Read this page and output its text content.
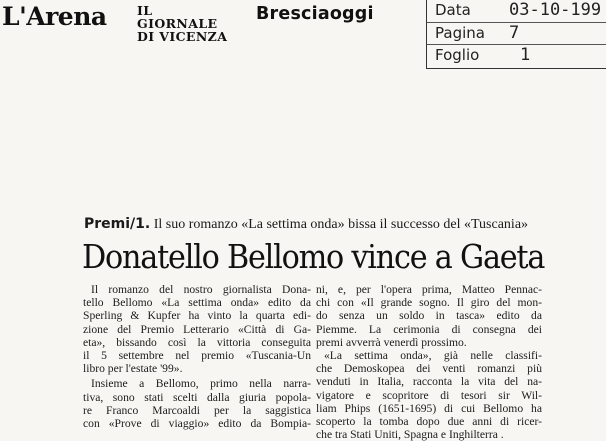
L'Arena IL GIORNALE
DI VICENZA
Bresciaoggi	Data 03-10-199
Pagina 7
Foglio 1
Premi/1. Il suo romanzo «La settima onda» bissa il successo del «Tuscania»
Donatello Bellomo vince a Gaeta
Il romanzo del nostro giornalista Dona-
tello Bellomo «La settima onda» edito da
Sperling & Kupfer ha vinto la quarta edi-
zione del Premio Letterario «Città di Ga-
eta», bissando così la vittoria conseguita
il 5 settembre nel premio «Tuscania-Un
libro per l'estate '99».
Insieme a Bellomo, primo nella narra-
tiva, sono stati scelti dalla giuria popola-
re Franco Marcoaldi per la saggistica
con «Prove di viaggio» edito da Bompia-
ni, e, per l'opera prima, Matteo Pennac-
chi con «Il grande sogno. Il giro del mon-
do senza un soldo in tasca» edito da
Piemme. La cerimonia di consegna dei
premi avverrà venerdì prossimo.
«La settima onda», già nelle classifi-
che Demoskopea dei venti romanzi più
venduti in Italia, racconta la vita del na-
vigatore e scopritore di tesori sir Wil-
liam Phips (1651-1695) di cui Bellomo ha
scoperto la tomba dopo due anni di ricer-
che tra Stati Uniti, Spagna e Inghilterra .
